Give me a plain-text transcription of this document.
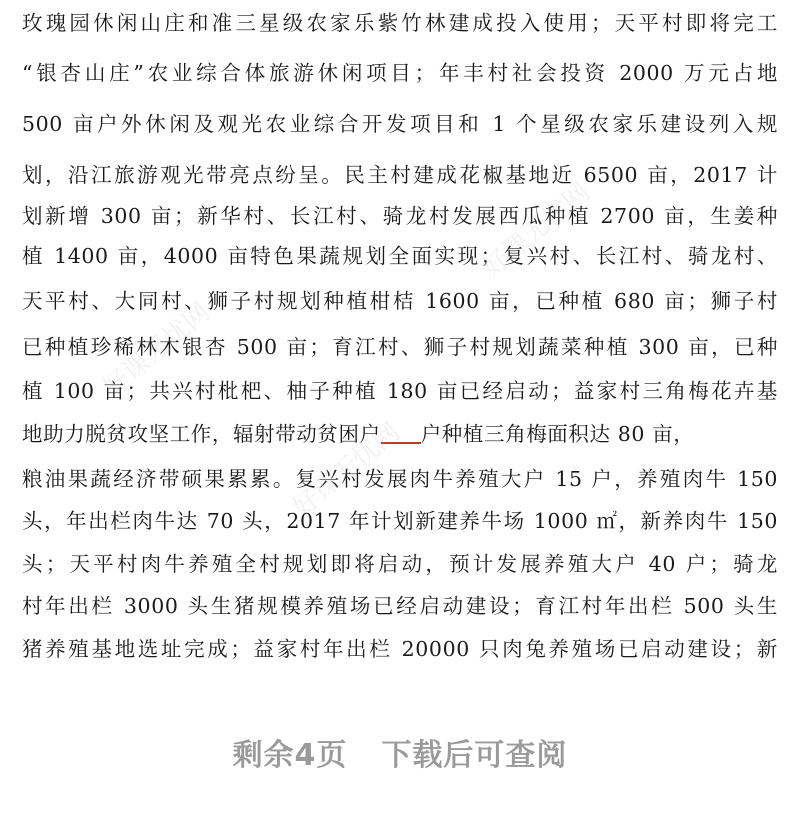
玫瑰园休闲山庄和准三星级农家乐紫竹林建成投入使用；天平村即将完工
“银杏山庄”农业综合体旅游休闲项目；年丰村社会投资 2000 万元占地
500 亩户外休闲及观光农业综合开发项目和 1 个星级农家乐建设列入规
划，沿江旅游观光带亮点纷呈。民主村建成花椒基地近 6500 亩，2017 计
划新增 300 亩；新华村、长江村、骑龙村发展西瓜种植 2700 亩，生姜种
植 1400 亩，4000 亩特色果蔬规划全面实现；复兴村、长江村、骑龙村、
天平村、大同村、狮子村规划种植柑桔 1600 亩，已种植 680 亩；狮子村
已种植珍稀林木银杏 500 亩；育江村、狮子村规划蔬菜种植 300 亩，已种
植 100 亩；共兴村枇杷、柚子种植 180 亩已经启动；益家村三角梅花卉基
地助力脱贫攻坚工作，辐射带动贫困户 户种植三角梅面积达 80 亩，
粮油果蔬经济带硕果累累。复兴村发展肉牛养殖大户 15 户，养殖肉牛 150
头，年出栏肉牛达 70 头，2017 年计划新建养牛场 1000 ㎡，新养肉牛 150
头；天平村肉牛养殖全村规划即将启动，预计发展养殖大户 40 户；骑龙
村年出栏 3000 头生猪规模养殖场已经启动建设；育江村年出栏 500 头生
猪养殖基地选址完成；益家村年出栏 20000 只肉兔养殖场已启动建设；新
好课无忧网
好课无忧网
好课无忧网
剩余4页 下载后可查阅
